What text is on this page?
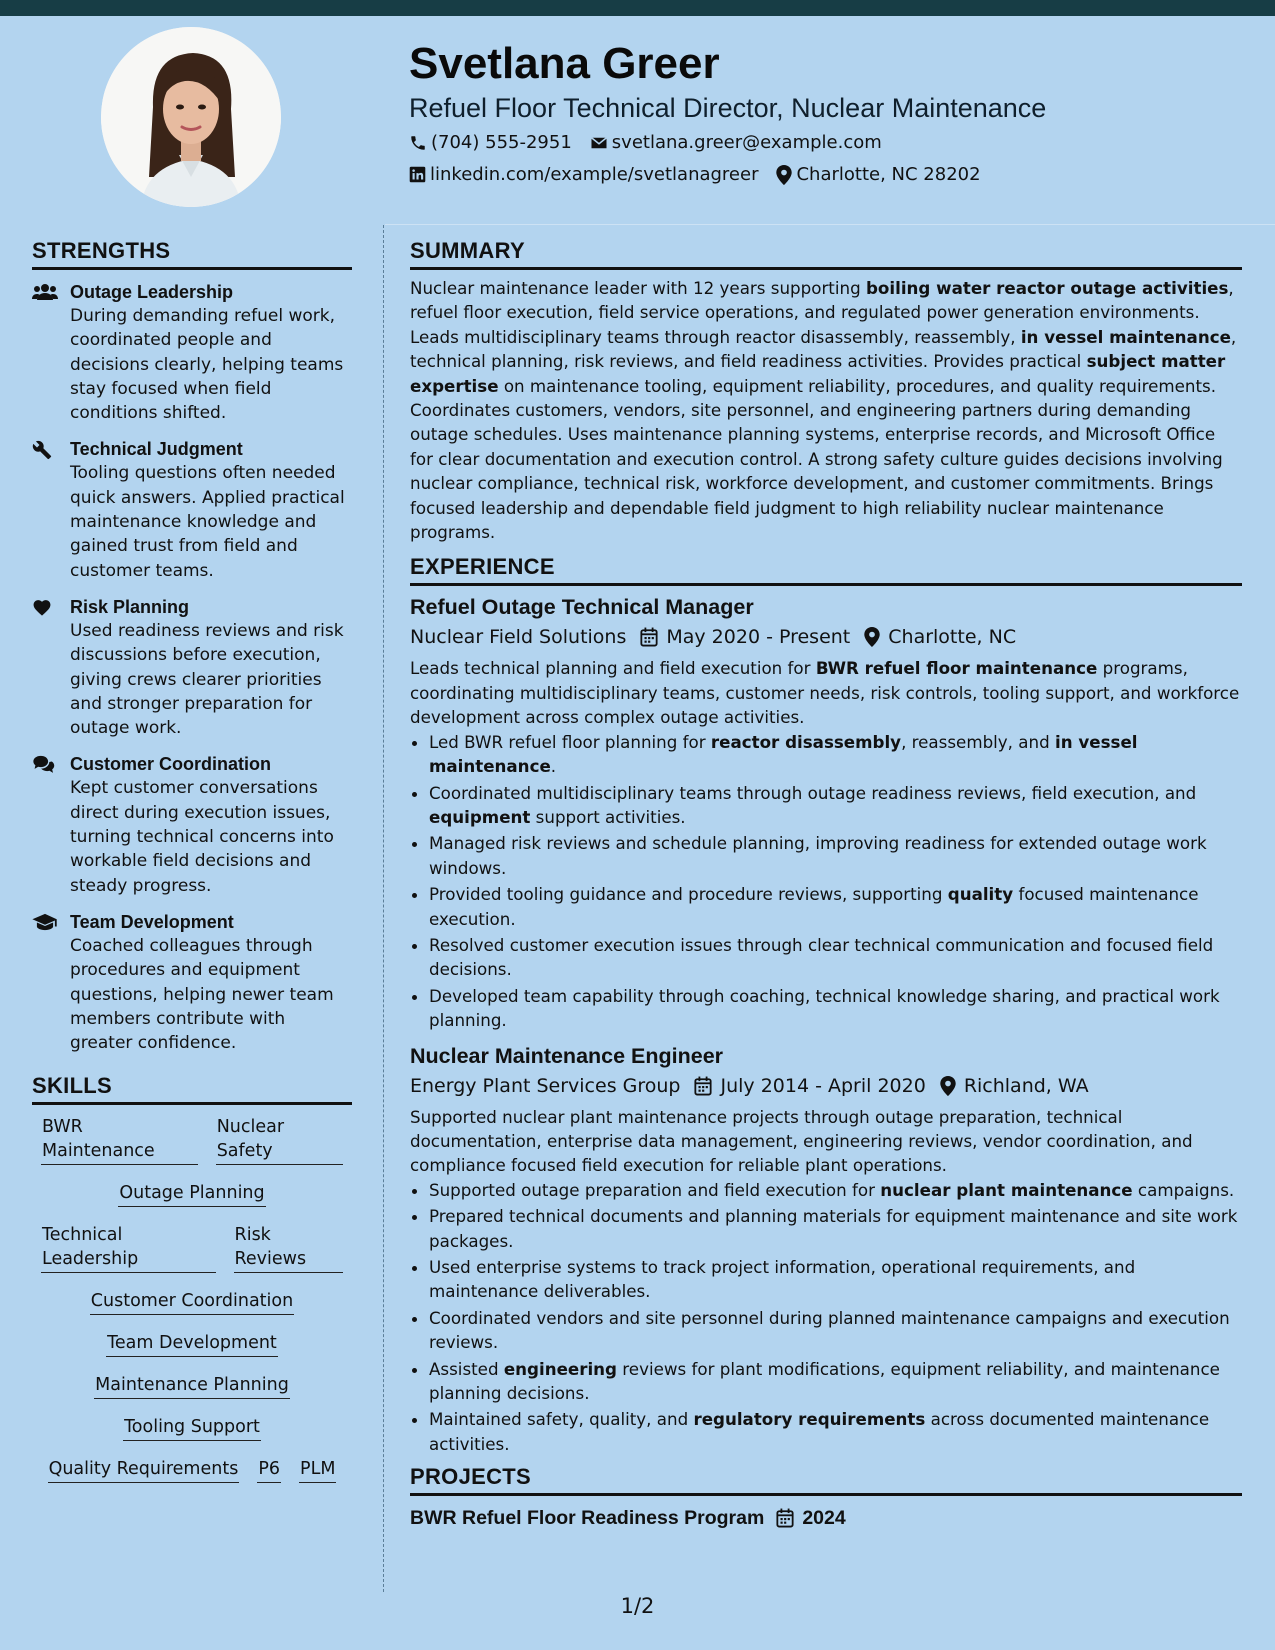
Svetlana Greer
Refuel Floor Technical Director, Nuclear Maintenance
(704) 555-2951 svetlana.greer@example.com
linkedin.com/example/svetlanagreer Charlotte, NC 28202
STRENGTHS
Outage Leadership
During demanding refuel work, coordinated people and decisions clearly, helping teams stay focused when field conditions shifted.
Technical Judgment
Tooling questions often needed quick answers. Applied practical maintenance knowledge and gained trust from field and customer teams.
Risk Planning
Used readiness reviews and risk discussions before execution, giving crews clearer priorities and stronger preparation for outage work.
Customer Coordination
Kept customer conversations direct during execution issues, turning technical concerns into workable field decisions and steady progress.
Team Development
Coached colleagues through procedures and equipment questions, helping newer team members contribute with greater confidence.
SKILLS
BWR Maintenance
Nuclear Safety
Outage Planning
Technical Leadership
Risk Reviews
Customer Coordination
Team Development
Maintenance Planning
Tooling Support
Quality Requirements P6 PLM
SUMMARY

Nuclear maintenance leader with 12 years supporting boiling water reactor outage activities, refuel floor execution, field service operations, and regulated power generation environments. Leads multidisciplinary teams through reactor disassembly, reassembly, in vessel maintenance, technical planning, risk reviews, and field readiness activities. Provides practical subject matter expertise on maintenance tooling, equipment reliability, procedures, and quality requirements. Coordinates customers, vendors, site personnel, and engineering partners during demanding outage schedules. Uses maintenance planning systems, enterprise records, and Microsoft Office for clear documentation and execution control. A strong safety culture guides decisions involving nuclear compliance, technical risk, workforce development, and customer commitments. Brings focused leadership and dependable field judgment to high reliability nuclear maintenance programs.

EXPERIENCE
Refuel Outage Technical Manager
Nuclear Field Solutions May 2020 - Present Charlotte, NC

Leads technical planning and field execution for BWR refuel floor maintenance programs, coordinating multidisciplinary teams, customer needs, risk controls, tooling support, and workforce development across complex outage activities.

• Led BWR refuel floor planning for reactor disassembly, reassembly, and in vessel maintenance.
• Coordinated multidisciplinary teams through outage readiness reviews, field execution, and equipment support activities.
• Managed risk reviews and schedule planning, improving readiness for extended outage work windows.
• Provided tooling guidance and procedure reviews, supporting quality focused maintenance execution.
• Resolved customer execution issues through clear technical communication and focused field decisions.
• Developed team capability through coaching, technical knowledge sharing, and practical work planning.
Nuclear Maintenance Engineer
Energy Plant Services Group July 2014 - April 2020 Richland, WA

Supported nuclear plant maintenance projects through outage preparation, technical documentation, enterprise data management, engineering reviews, vendor coordination, and compliance focused field execution for reliable plant operations.

• Supported outage preparation and field execution for nuclear plant maintenance campaigns.
• Prepared technical documents and planning materials for equipment maintenance and site work packages.
• Used enterprise systems to track project information, operational requirements, and maintenance deliverables.
• Coordinated vendors and site personnel during planned maintenance campaigns and execution reviews.
• Assisted engineering reviews for plant modifications, equipment reliability, and maintenance planning decisions.
• Maintained safety, quality, and regulatory requirements across documented maintenance activities.
PROJECTS
BWR Refuel Floor Readiness Program 2024
1/2
